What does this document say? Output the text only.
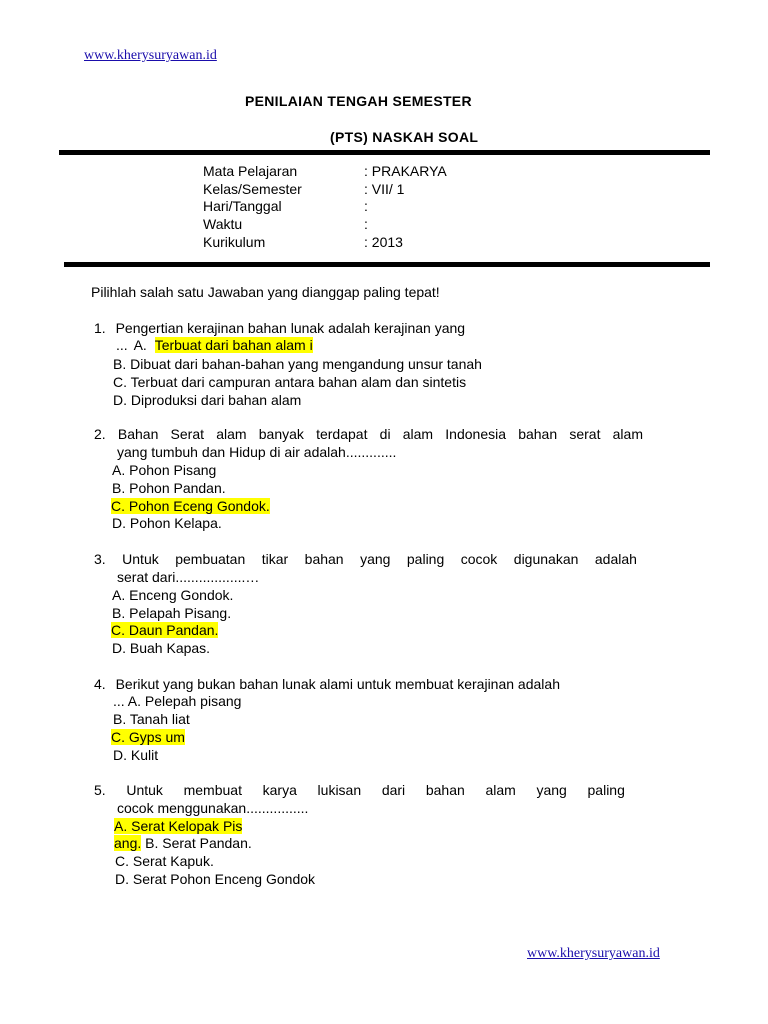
www.kherysuryawan.id
PENILAIAN TENGAH SEMESTER
(PTS) NASKAH SOAL
Mata Pelajaran	: PRAKARYA
Kelas/Semester	: VII/ 1
Hari/Tanggal	:
Waktu	:
Kurikulum	: 2013
Pilihlah salah satu Jawaban yang dianggap paling tepat!
1. Pengertian kerajinan bahan lunak adalah kerajinan yang
... A. Terbuat dari bahan alam i
B. Dibuat dari bahan-bahan yang mengandung unsur tanah
C. Terbuat dari campuran antara bahan alam dan sintetis
D. Diproduksi dari bahan alam
2. Bahan Serat alam banyak terdapat di alam Indonesia bahan serat alam
yang tumbuh dan Hidup di air adalah.............
A. Pohon Pisang
B. Pohon Pandan.
C. Pohon Eceng Gondok.
D. Pohon Kelapa.
3. Untuk pembuatan tikar bahan yang paling cocok digunakan adalah
serat dari..................…
A. Enceng Gondok.
B. Pelapah Pisang.
C. Daun Pandan.
D. Buah Kapas.
4. Berikut yang bukan bahan lunak alami untuk membuat kerajinan adalah
... A. Pelepah pisang
B. Tanah liat
C. Gyps um
D. Kulit
5. Untuk membuat karya lukisan dari bahan alam yang paling
cocok menggunakan................
A. Serat Kelopak Pis
ang. B. Serat Pandan.
C. Serat Kapuk.
D. Serat Pohon Enceng Gondok
www.kherysuryawan.id
